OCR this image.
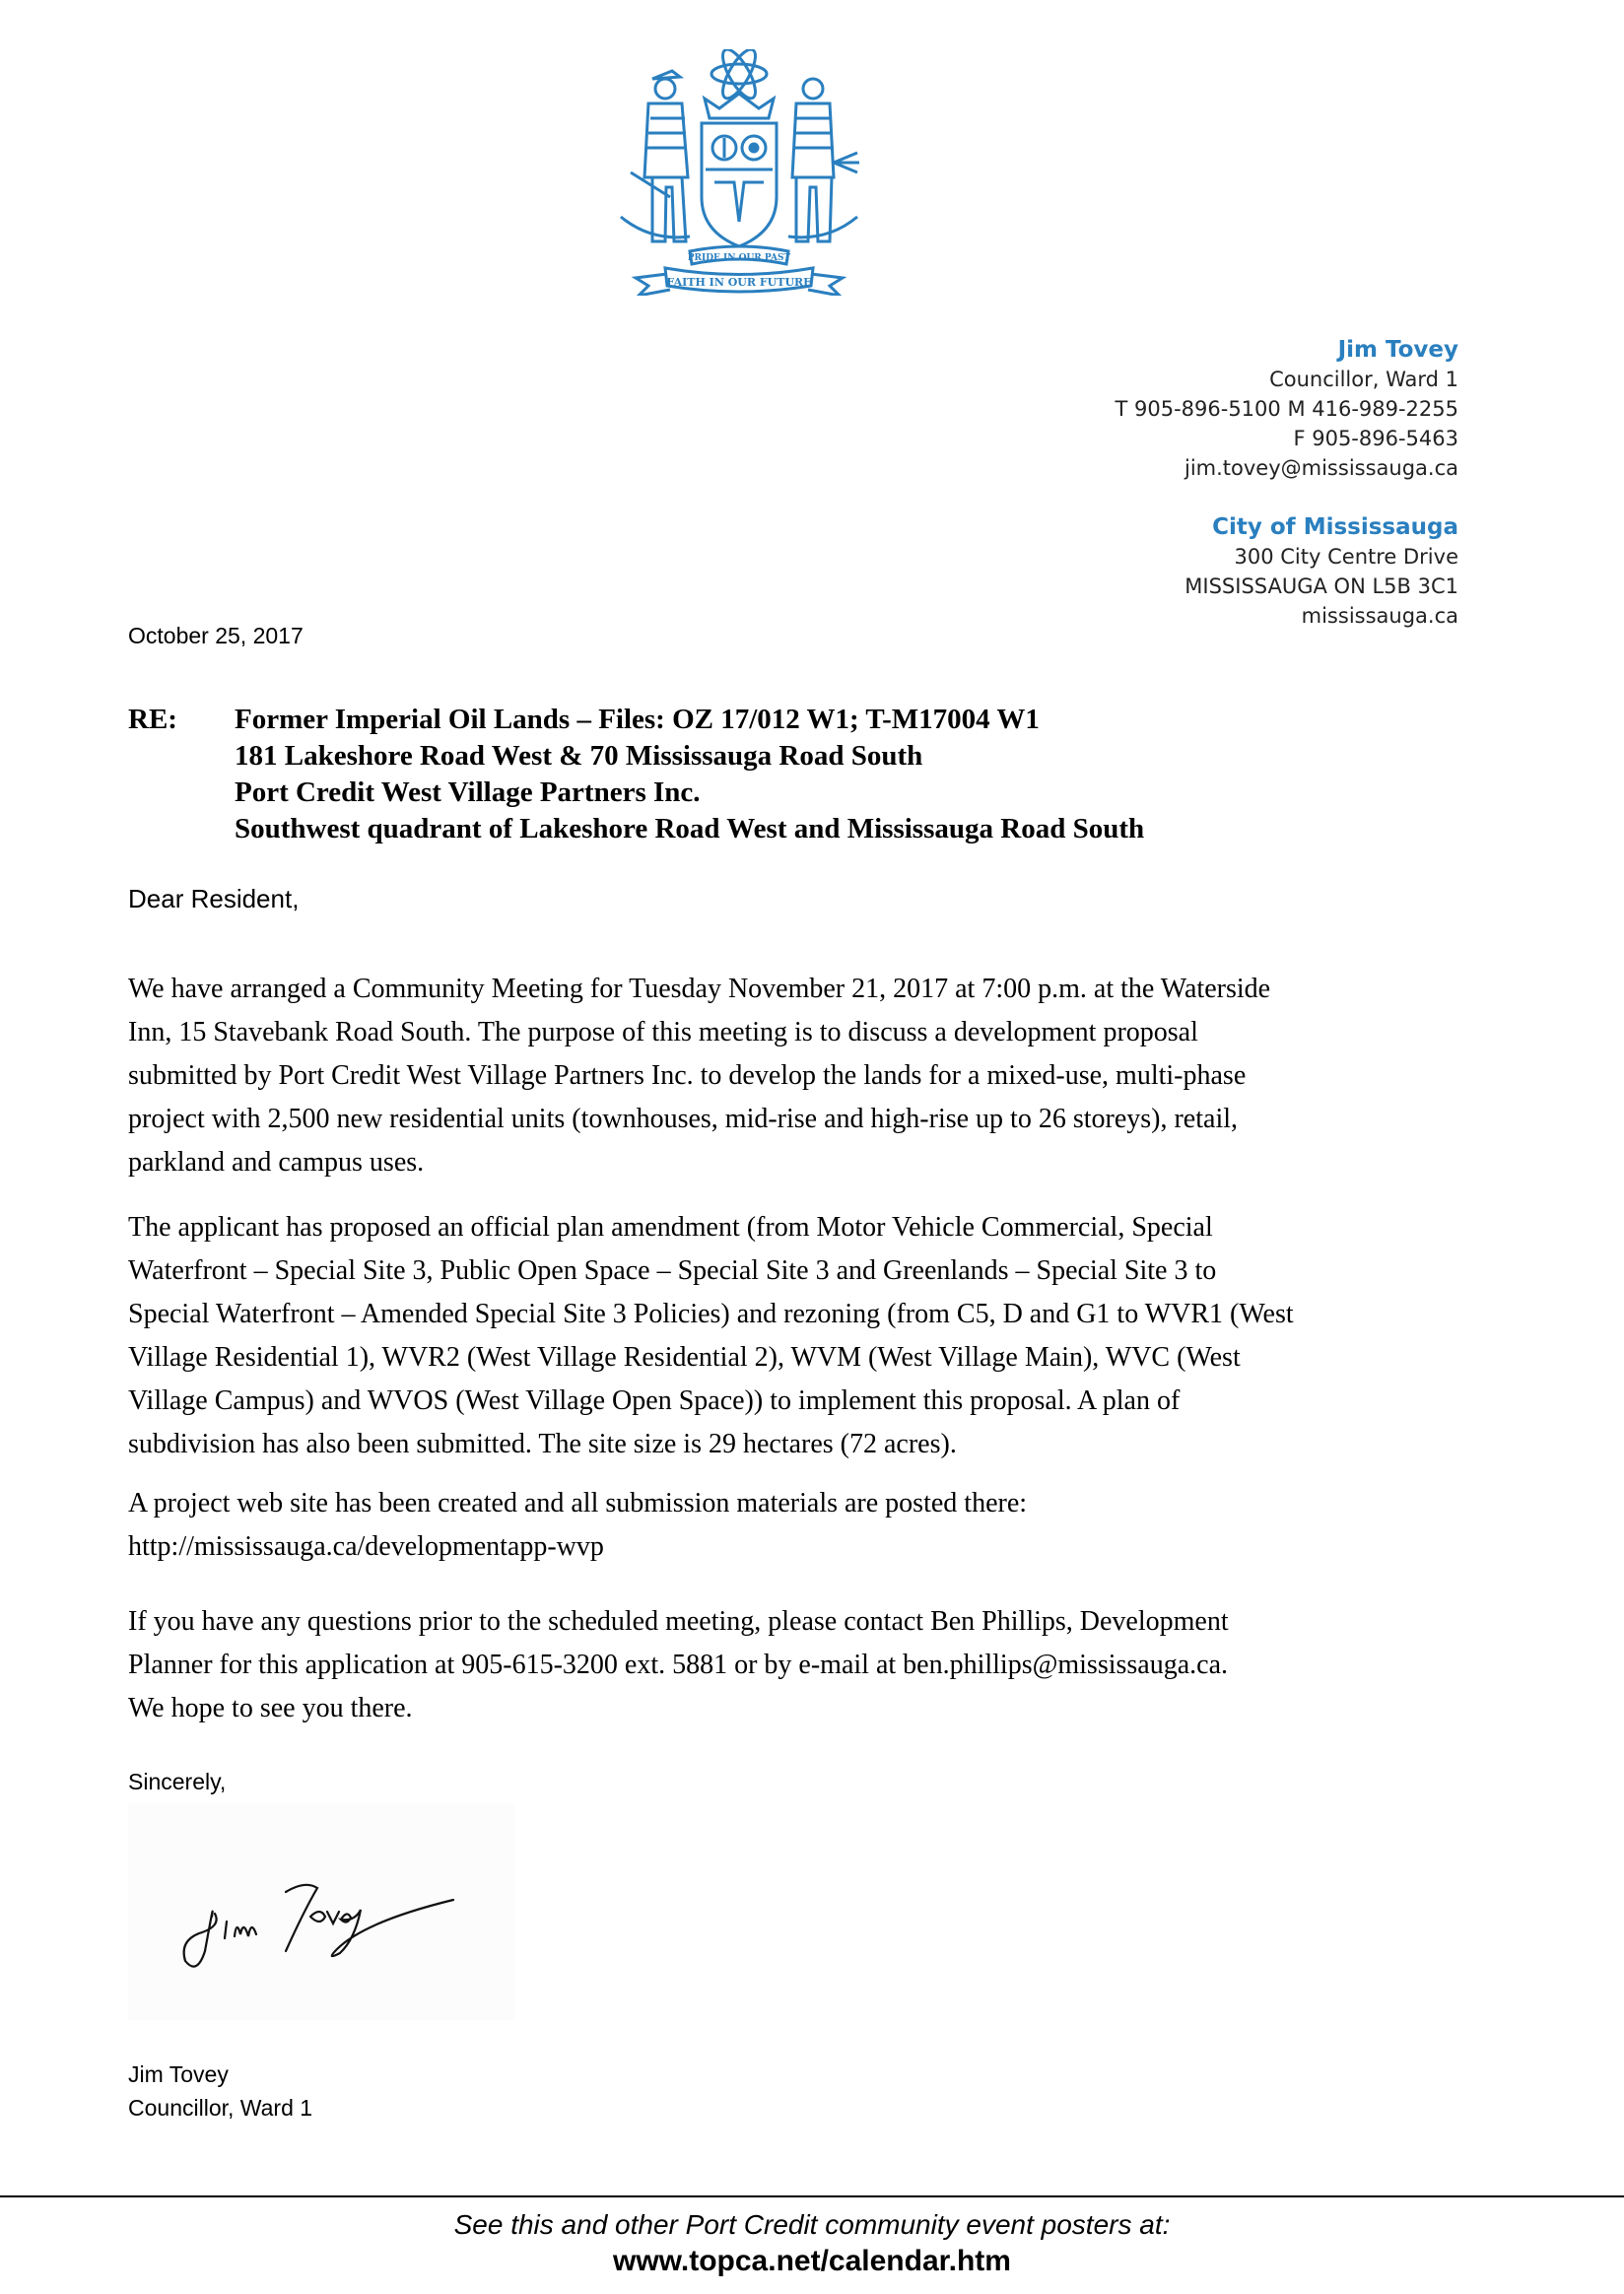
PRIDE IN OUR PAST
FAITH IN OUR FUTURE
Jim Tovey
Councillor, Ward 1
T 905-896-5100 M 416-989-2255
F 905-896-5463
jim.tovey@mississauga.ca
City of Mississauga
300 City Centre Drive
MISSISSAUGA ON L5B 3C1
mississauga.ca
October 25, 2017
RE: Former Imperial Oil Lands – Files: OZ 17/012 W1; T-M17004 W1
181 Lakeshore Road West & 70 Mississauga Road South
Port Credit West Village Partners Inc.
Southwest quadrant of Lakeshore Road West and Mississauga Road South
Dear Resident,
We have arranged a Community Meeting for Tuesday November 21, 2017 at 7:00 p.m. at the Waterside
Inn, 15 Stavebank Road South. The purpose of this meeting is to discuss a development proposal
submitted by Port Credit West Village Partners Inc. to develop the lands for a mixed-use, multi-phase
project with 2,500 new residential units (townhouses, mid-rise and high-rise up to 26 storeys), retail,
parkland and campus uses.
The applicant has proposed an official plan amendment (from Motor Vehicle Commercial, Special
Waterfront – Special Site 3, Public Open Space – Special Site 3 and Greenlands – Special Site 3 to
Special Waterfront – Amended Special Site 3 Policies) and rezoning (from C5, D and G1 to WVR1 (West
Village Residential 1), WVR2 (West Village Residential 2), WVM (West Village Main), WVC (West
Village Campus) and WVOS (West Village Open Space)) to implement this proposal. A plan of
subdivision has also been submitted. The site size is 29 hectares (72 acres).
A project web site has been created and all submission materials are posted there:
http://mississauga.ca/developmentapp-wvp
If you have any questions prior to the scheduled meeting, please contact Ben Phillips, Development
Planner for this application at 905-615-3200 ext. 5881 or by e-mail at ben.phillips@mississauga.ca.
We hope to see you there.
Sincerely,
Jim Tovey
Councillor, Ward 1
See this and other Port Credit community event posters at:
www.topca.net/calendar.htm
